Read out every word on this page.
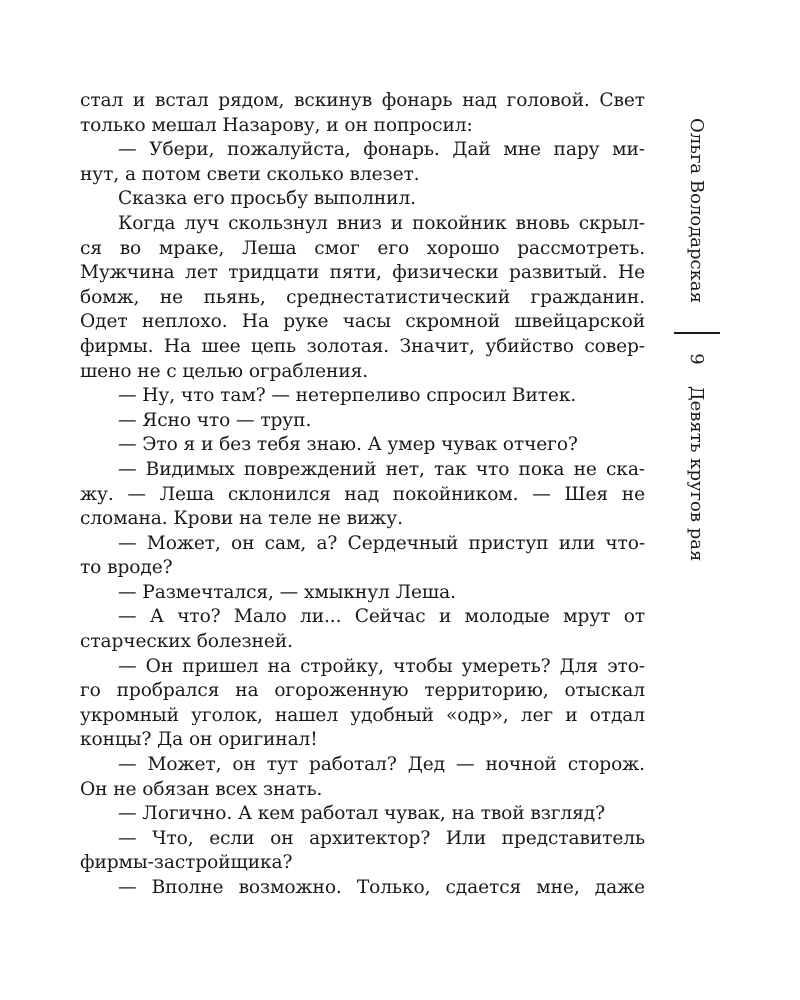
стал и встал рядом, вскинув фонарь над головой. Свет
только мешал Назарову, и он попросил:
— Убери, пожалуйста, фонарь. Дай мне пару ми-
нут, а потом свети сколько влезет.
Сказка его просьбу выполнил.
Когда луч скользнул вниз и покойник вновь скрыл-
ся во мраке, Леша смог его хорошо рассмотреть.
Мужчина лет тридцати пяти, физически развитый. Не
бомж, не пьянь, среднестатистический гражданин.
Одет неплохо. На руке часы скромной швейцарской
фирмы. На шее цепь золотая. Значит, убийство совер-
шено не с целью ограбления.
— Ну, что там? — нетерпеливо спросил Витек.
— Ясно что — труп.
— Это я и без тебя знаю. А умер чувак отчего?
— Видимых повреждений нет, так что пока не ска-
жу. — Леша склонился над покойником. — Шея не
сломана. Крови на теле не вижу.
— Может, он сам, а? Сердечный приступ или что-
то вроде?
— Размечтался, — хмыкнул Леша.
— А что? Мало ли... Сейчас и молодые мрут от
старческих болезней.
— Он пришел на стройку, чтобы умереть? Для это-
го пробрался на огороженную территорию, отыскал
укромный уголок, нашел удобный «одр», лег и отдал
концы? Да он оригинал!
— Может, он тут работал? Дед — ночной сторож.
Он не обязан всех знать.
— Логично. А кем работал чувак, на твой взгляд?
— Что, если он архитектор? Или представитель
фирмы-застройщика?
— Вполне возможно. Только, сдается мне, даже
Ольга Володарская
9
Девять кругов рая
